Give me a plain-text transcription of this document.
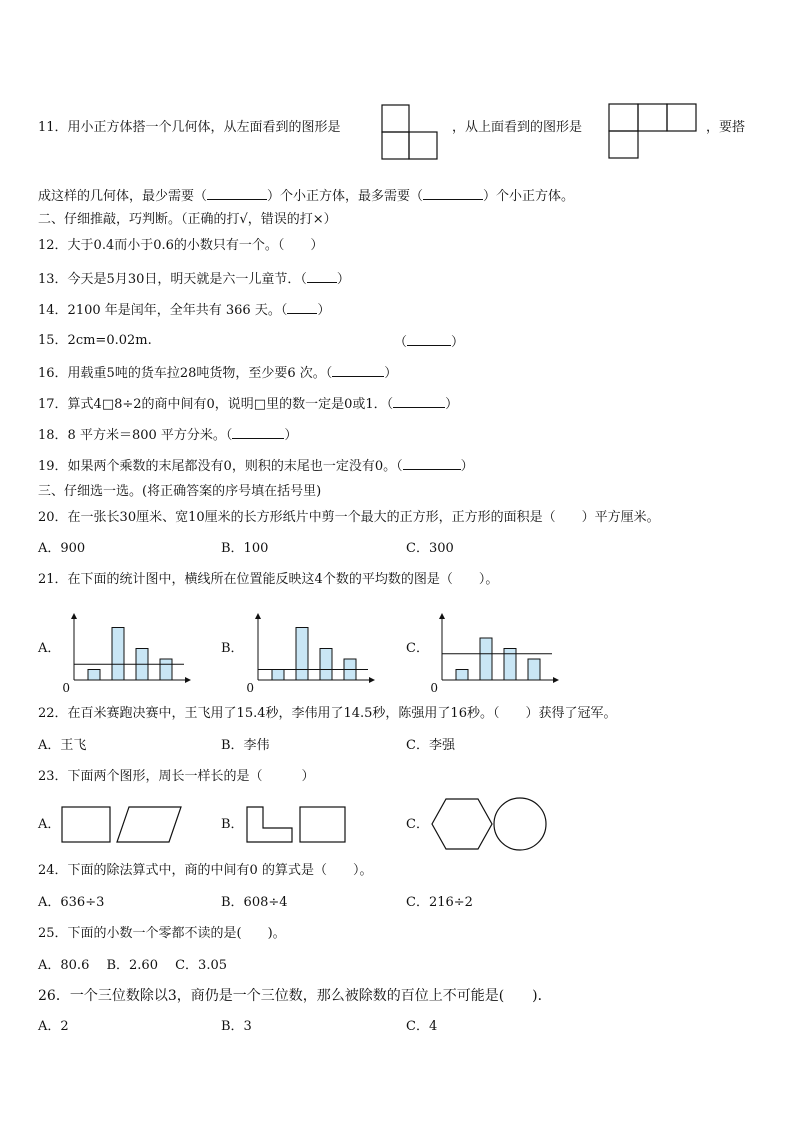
11．用小正方体搭一个几何体，从左面看到的图形是	，从上面看到的图形是	，要搭
成这样的几何体，最少需要（	）个小正方体，最多需要（	）个小正方体。
二、仔细推敲，巧判断。（正确的打√，错误的打×）
12．大于0.4而小于0.6的小数只有一个。（　　）
13．今天是5月30日，明天就是六一儿童节．（ ）
14．2100 年是闰年，全年共有 366 天。（ ）
15．2cm=0.02m.	（	）
16．用载重5吨的货车拉28吨货物，至少要6 次。（	）
17．算式4□8÷2的商中间有0，说明□里的数一定是0或1．（	）
18．8 平方米＝800 平方分米。（	）
19．如果两个乘数的末尾都没有0，则积的末尾也一定没有0。（	）
三、仔细选一选。(将正确答案的序号填在括号里)
20．在一张长30厘米、宽10厘米的长方形纸片中剪一个最大的正方形，正方形的面积是（　　）平方厘米。
A．900	B．100	C．300
21．在下面的统计图中，横线所在位置能反映这4个数的平均数的图是（　　）。
A．	B．	C．
0	0	0
22．在百米赛跑决赛中，王飞用了15.4秒，李伟用了14.5秒，陈强用了16秒。（　　）获得了冠军。
A．王飞	B．李伟	C．李强
23．下面两个图形，周长一样长的是（　　　）
A．	B．	C．
24．下面的除法算式中，商的中间有0 的算式是（　　）。
A．636÷3	B．608÷4	C．216÷2
25．下面的小数一个零都不读的是(　　)。
A．80.6　 B．2.60　 C．3.05
26．一个三位数除以3，商仍是一个三位数，那么被除数的百位上不可能是(　　)．
A．2	B．3	C．4
